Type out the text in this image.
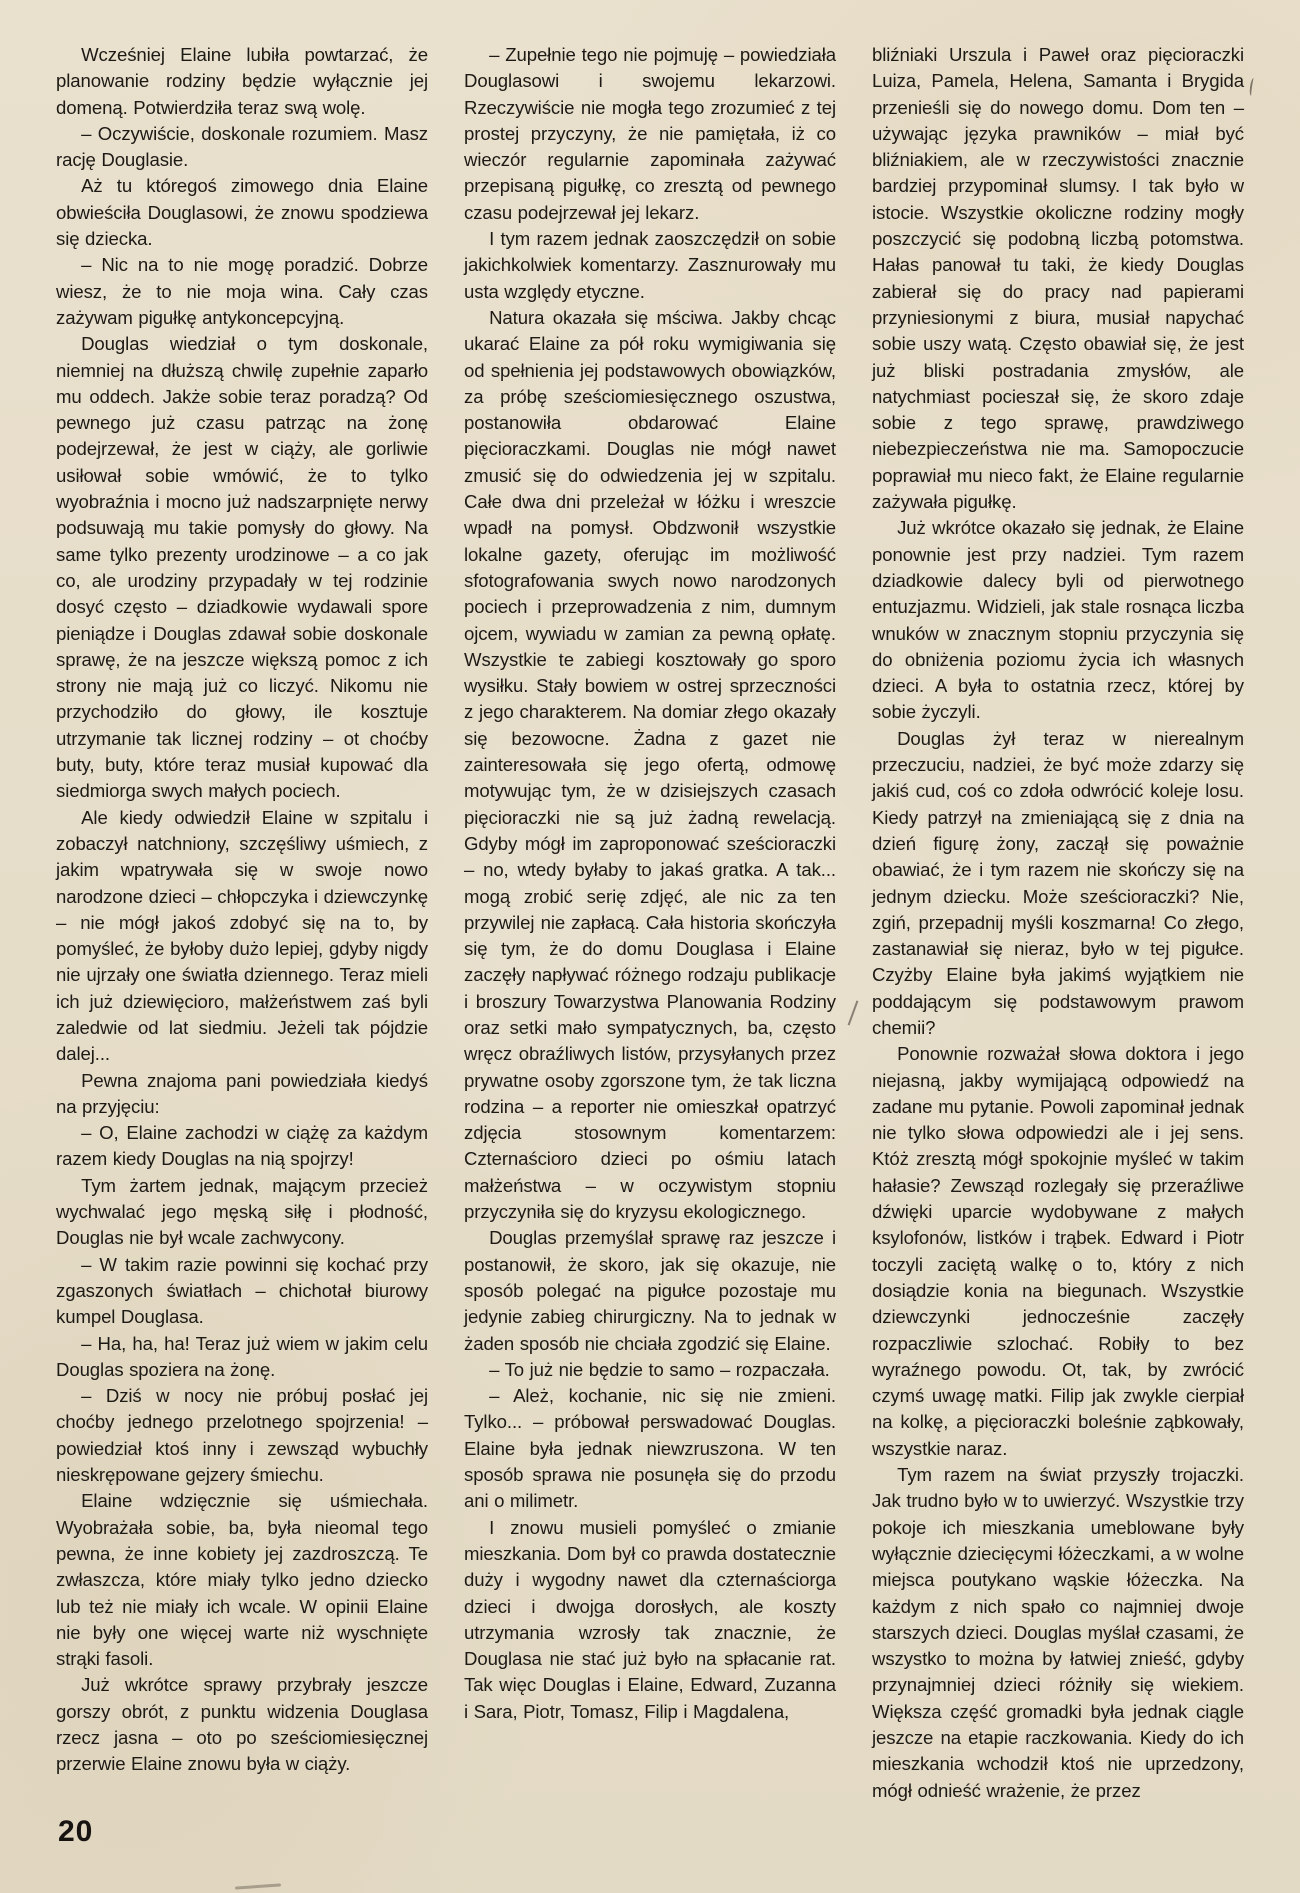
Wcześniej Elaine lubiła powtarzać, że planowanie rodziny będzie wyłącznie jej domeną. Potwierdziła teraz swą wolę.

– Oczywiście, doskonale rozumiem. Masz rację Douglasie.

Aż tu któregoś zimowego dnia Elaine obwieściła Douglasowi, że znowu spodziewa się dziecka.

– Nic na to nie mogę poradzić. Dobrze wiesz, że to nie moja wina. Cały czas zażywam pigułkę antykoncepcyjną.

Douglas wiedział o tym doskonale, niemniej na dłuższą chwilę zupełnie zaparło mu oddech. Jakże sobie teraz poradzą? Od pewnego już czasu patrząc na żonę podejrzewał, że jest w ciąży, ale gorliwie usiłował sobie wmówić, że to tylko wyobraźnia i mocno już nadszarpnięte nerwy podsuwają mu takie pomysły do głowy. Na same tylko prezenty urodzinowe – a co jak co, ale urodziny przypadały w tej rodzinie dosyć często – dziadkowie wydawali spore pieniądze i Douglas zdawał sobie doskonale sprawę, że na jeszcze większą pomoc z ich strony nie mają już co liczyć. Nikomu nie przychodziło do głowy, ile kosztuje utrzymanie tak licznej rodziny – ot choćby buty, buty, które teraz musiał kupować dla siedmiorga swych małych pociech.

Ale kiedy odwiedził Elaine w szpitalu i zobaczył natchniony, szczęśliwy uśmiech, z jakim wpatrywała się w swoje nowo narodzone dzieci – chłopczyka i dziewczynkę – nie mógł jakoś zdobyć się na to, by pomyśleć, że byłoby dużo lepiej, gdyby nigdy nie ujrzały one światła dziennego. Teraz mieli ich już dziewięcioro, małżeństwem zaś byli zaledwie od lat siedmiu. Jeżeli tak pójdzie dalej...

Pewna znajoma pani powiedziała kiedyś na przyjęciu:

– O, Elaine zachodzi w ciążę za każdym razem kiedy Douglas na nią spojrzy!

Tym żartem jednak, mającym przecież wychwalać jego męską siłę i płodność, Douglas nie był wcale zachwycony.

– W takim razie powinni się kochać przy zgaszonych światłach – chichotał biurowy kumpel Douglasa.

– Ha, ha, ha! Teraz już wiem w jakim celu Douglas spoziera na żonę.

– Dziś w nocy nie próbuj posłać jej choćby jednego przelotnego spojrzenia! – powiedział ktoś inny i zewsząd wybuchły nieskrępowane gejzery śmiechu.

Elaine wdzięcznie się uśmiechała. Wyobrażała sobie, ba, była nieomal tego pewna, że inne kobiety jej zazdroszczą. Te zwłaszcza, które miały tylko jedno dziecko lub też nie miały ich wcale. W opinii Elaine nie były one więcej warte niż wyschnięte strąki fasoli.

Już wkrótce sprawy przybrały jeszcze gorszy obrót, z punktu widzenia Douglasa rzecz jasna – oto po sześciomiesięcznej przerwie Elaine znowu była w ciąży.

– Zupełnie tego nie pojmuję – powiedziała Douglasowi i swojemu lekarzowi. Rzeczywiście nie mogła tego zrozumieć z tej prostej przyczyny, że nie pamiętała, iż co wieczór regularnie zapominała zażywać przepisaną pigułkę, co zresztą od pewnego czasu podejrzewał jej lekarz.

I tym razem jednak zaoszczędził on sobie jakichkolwiek komentarzy. Zasznurowały mu usta względy etyczne.

Natura okazała się mściwa. Jakby chcąc ukarać Elaine za pół roku wymigiwania się od spełnienia jej podstawowych obowiązków, za próbę sześciomiesięcznego oszustwa, postanowiła obdarować Elaine pięcioraczkami. Douglas nie mógł nawet zmusić się do odwiedzenia jej w szpitalu. Całe dwa dni przeleżał w łóżku i wreszcie wpadł na pomysł. Obdzwonił wszystkie lokalne gazety, oferując im możliwość sfotografowania swych nowo narodzonych pociech i przeprowadzenia z nim, dumnym ojcem, wywiadu w zamian za pewną opłatę. Wszystkie te zabiegi kosztowały go sporo wysiłku. Stały bowiem w ostrej sprzeczności z jego charakterem. Na domiar złego okazały się bezowocne. Żadna z gazet nie zainteresowała się jego ofertą, odmowę motywując tym, że w dzisiejszych czasach pięcioraczki nie są już żadną rewelacją. Gdyby mógł im zaproponować sześcioraczki – no, wtedy byłaby to jakaś gratka. A tak... mogą zrobić serię zdjęć, ale nic za ten przywilej nie zapłacą. Cała historia skończyła się tym, że do domu Douglasa i Elaine zaczęły napływać różnego rodzaju publikacje i broszury Towarzystwa Planowania Rodziny oraz setki mało sympatycznych, ba, często wręcz obraźliwych listów, przysyłanych przez prywatne osoby zgorszone tym, że tak liczna rodzina – a reporter nie omieszkał opatrzyć zdjęcia stosownym komentarzem: Czternaścioro dzieci po ośmiu latach małżeństwa – w oczywistym stopniu przyczyniła się do kryzysu ekologicznego.

Douglas przemyślał sprawę raz jeszcze i postanowił, że skoro, jak się okazuje, nie sposób polegać na pigułce pozostaje mu jedynie zabieg chirurgiczny. Na to jednak w żaden sposób nie chciała zgodzić się Elaine.

– To już nie będzie to samo – rozpaczała.

– Ależ, kochanie, nic się nie zmieni. Tylko... – próbował perswadować Douglas. Elaine była jednak niewzruszona. W ten sposób sprawa nie posunęła się do przodu ani o milimetr.

I znowu musieli pomyśleć o zmianie mieszkania. Dom był co prawda dostatecznie duży i wygodny nawet dla czternaściorga dzieci i dwojga dorosłych, ale koszty utrzymania wzrosły tak znacznie, że Douglasa nie stać już było na spłacanie rat. Tak więc Douglas i Elaine, Edward, Zuzanna i Sara, Piotr, Tomasz, Filip i Magdalena,

bliźniaki Urszula i Paweł oraz pięcioraczki Luiza, Pamela, Helena, Samanta i Brygida przenieśli się do nowego domu. Dom ten – używając języka prawników – miał być bliźniakiem, ale w rzeczywistości znacznie bardziej przypominał slumsy. I tak było w istocie. Wszystkie okoliczne rodziny mogły poszczycić się podobną liczbą potomstwa. Hałas panował tu taki, że kiedy Douglas zabierał się do pracy nad papierami przyniesionymi z biura, musiał napychać sobie uszy watą. Często obawiał się, że jest już bliski postradania zmysłów, ale natychmiast pocieszał się, że skoro zdaje sobie z tego sprawę, prawdziwego niebezpieczeństwa nie ma. Samopoczucie poprawiał mu nieco fakt, że Elaine regularnie zażywała pigułkę.

Już wkrótce okazało się jednak, że Elaine ponownie jest przy nadziei. Tym razem dziadkowie dalecy byli od pierwotnego entuzjazmu. Widzieli, jak stale rosnąca liczba wnuków w znacznym stopniu przyczynia się do obniżenia poziomu życia ich własnych dzieci. A była to ostatnia rzecz, której by sobie życzyli.

Douglas żył teraz w nierealnym przeczuciu, nadziei, że być może zdarzy się jakiś cud, coś co zdoła odwrócić koleje losu. Kiedy patrzył na zmieniającą się z dnia na dzień figurę żony, zaczął się poważnie obawiać, że i tym razem nie skończy się na jednym dziecku. Może sześcioraczki? Nie, zgiń, przepadnij myśli koszmarna! Co złego, zastanawiał się nieraz, było w tej pigułce. Czyżby Elaine była jakimś wyjątkiem nie poddającym się podstawowym prawom chemii?

Ponownie rozważał słowa doktora i jego niejasną, jakby wymijającą odpowiedź na zadane mu pytanie. Powoli zapominał jednak nie tylko słowa odpowiedzi ale i jej sens. Któż zresztą mógł spokojnie myśleć w takim hałasie? Zewsząd rozlegały się przeraźliwe dźwięki uparcie wydobywane z małych ksylofonów, listków i trąbek. Edward i Piotr toczyli zaciętą walkę o to, który z nich dosiądzie konia na biegunach. Wszystkie dziewczynki jednocześnie zaczęły rozpaczliwie szlochać. Robiły to bez wyraźnego powodu. Ot, tak, by zwrócić czymś uwagę matki. Filip jak zwykle cierpiał na kolkę, a pięcioraczki boleśnie ząbkowały, wszystkie naraz.

Tym razem na świat przyszły trojaczki. Jak trudno było w to uwierzyć. Wszystkie trzy pokoje ich mieszkania umeblowane były wyłącznie dziecięcymi łóżeczkami, a w wolne miejsca poutykano wąskie łóżeczka. Na każdym z nich spało co najmniej dwoje starszych dzieci. Douglas myślał czasami, że wszystko to można by łatwiej znieść, gdyby przynajmniej dzieci różniły się wiekiem. Większa część gromadki była jednak ciągle jeszcze na etapie raczkowania. Kiedy do ich mieszkania wchodził ktoś nie uprzedzony, mógł odnieść wrażenie, że przez

20
